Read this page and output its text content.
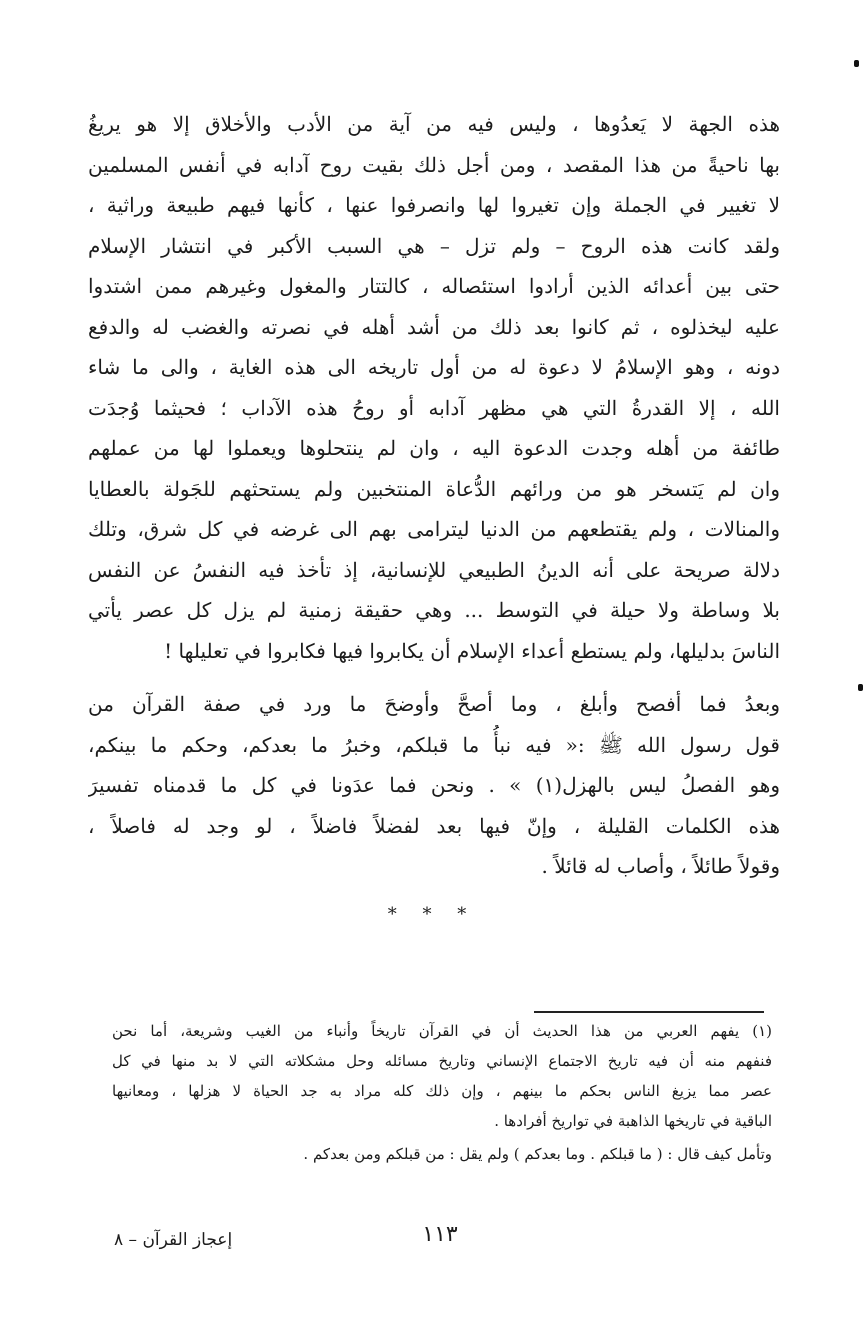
هذه الجهة لا يَعدُوها ، وليس فيه من آية من الأدب والأخلاق إلا هو يريغُ
بها ناحيةً من هذا المقصد ، ومن أجل ذلك بقيت روح آدابه في أنفس المسلمين
لا تغيير في الجملة وإن تغيروا لها وانصرفوا عنها ، كأنها فيهم طبيعة وراثية ،
ولقد كانت هذه الروح – ولم تزل – هي السبب الأكبر في انتشار الإسلام
حتى بين أعدائه الذين أرادوا استئصاله ، كالتتار والمغول وغيرهم ممن اشتدوا
عليه ليخذلوه ، ثم كانوا بعد ذلك من أشد أهله في نصرته والغضب له والدفع
دونه ، وهو الإسلامُ لا دعوة له من أول تاريخه الى هذه الغاية ، والى ما شاء
الله ، إلا القدرةُ التي هي مظهر آدابه أو روحُ هذه الآداب ؛ فحيثما وُجدَت
طائفة من أهله وجدت الدعوة اليه ، وان لم ينتحلوها ويعملوا لها من عملهم
وان لم يَتسخر هو من ورائهم الدُّعاة المنتخبين ولم يستحثهم للجَولة بالعطايا
والمنالات ، ولم يقتطعهم من الدنيا ليترامى بهم الى غرضه في كل شرق، وتلك
دلالة صريحة على أنه الدينُ الطبيعي للإنسانية، إذ تأخذ فيه النفسُ عن النفس
بلا وساطة ولا حيلة في التوسط ... وهي حقيقة زمنية لم يزل كل عصر يأتي
الناسَ بدليلها، ولم يستطع أعداء الإسلام أن يكابروا فيها فكابروا في تعليلها !
وبعدُ فما أفصح وأبلغ ، وما أصحَّ وأوضحَ ما ورد في صفة القرآن من
قول رسول الله ﷺ :« فيه نبأُ ما قبلكم، وخبرُ ما بعدكم، وحكم ما بينكم،
وهو الفصلُ ليس بالهزل(١) » . ونحن فما عدَونا في كل ما قدمناه تفسيرَ
هذه الكلمات القليلة ، وإنّ فيها بعد لفضلاً فاضلاً ، لو وجد له فاصلاً ،
وقولاً طائلاً ، وأصاب له قائلاً .
* * *
(١) يفهم العربي من هذا الحديث أن في القرآن تاريخاً وأنباء من الغيب وشريعة، أما نحن
فنفهم منه أن فيه تاريخ الاجتماع الإنساني وتاريخ مسائله وحل مشكلاته التي لا بد منها في كل
عصر مما يزيغ الناس بحكم ما بينهم ، وإن ذلك كله مراد به جد الحياة لا هزلها ، ومعانيها
الباقية في تاريخها الذاهبة في تواريخ أفرادها .
وتأمل كيف قال : ( ما قبلكم . وما بعدكم ) ولم يقل : من قبلكم ومن بعدكم .
١١٣
إعجاز القرآن – ٨
